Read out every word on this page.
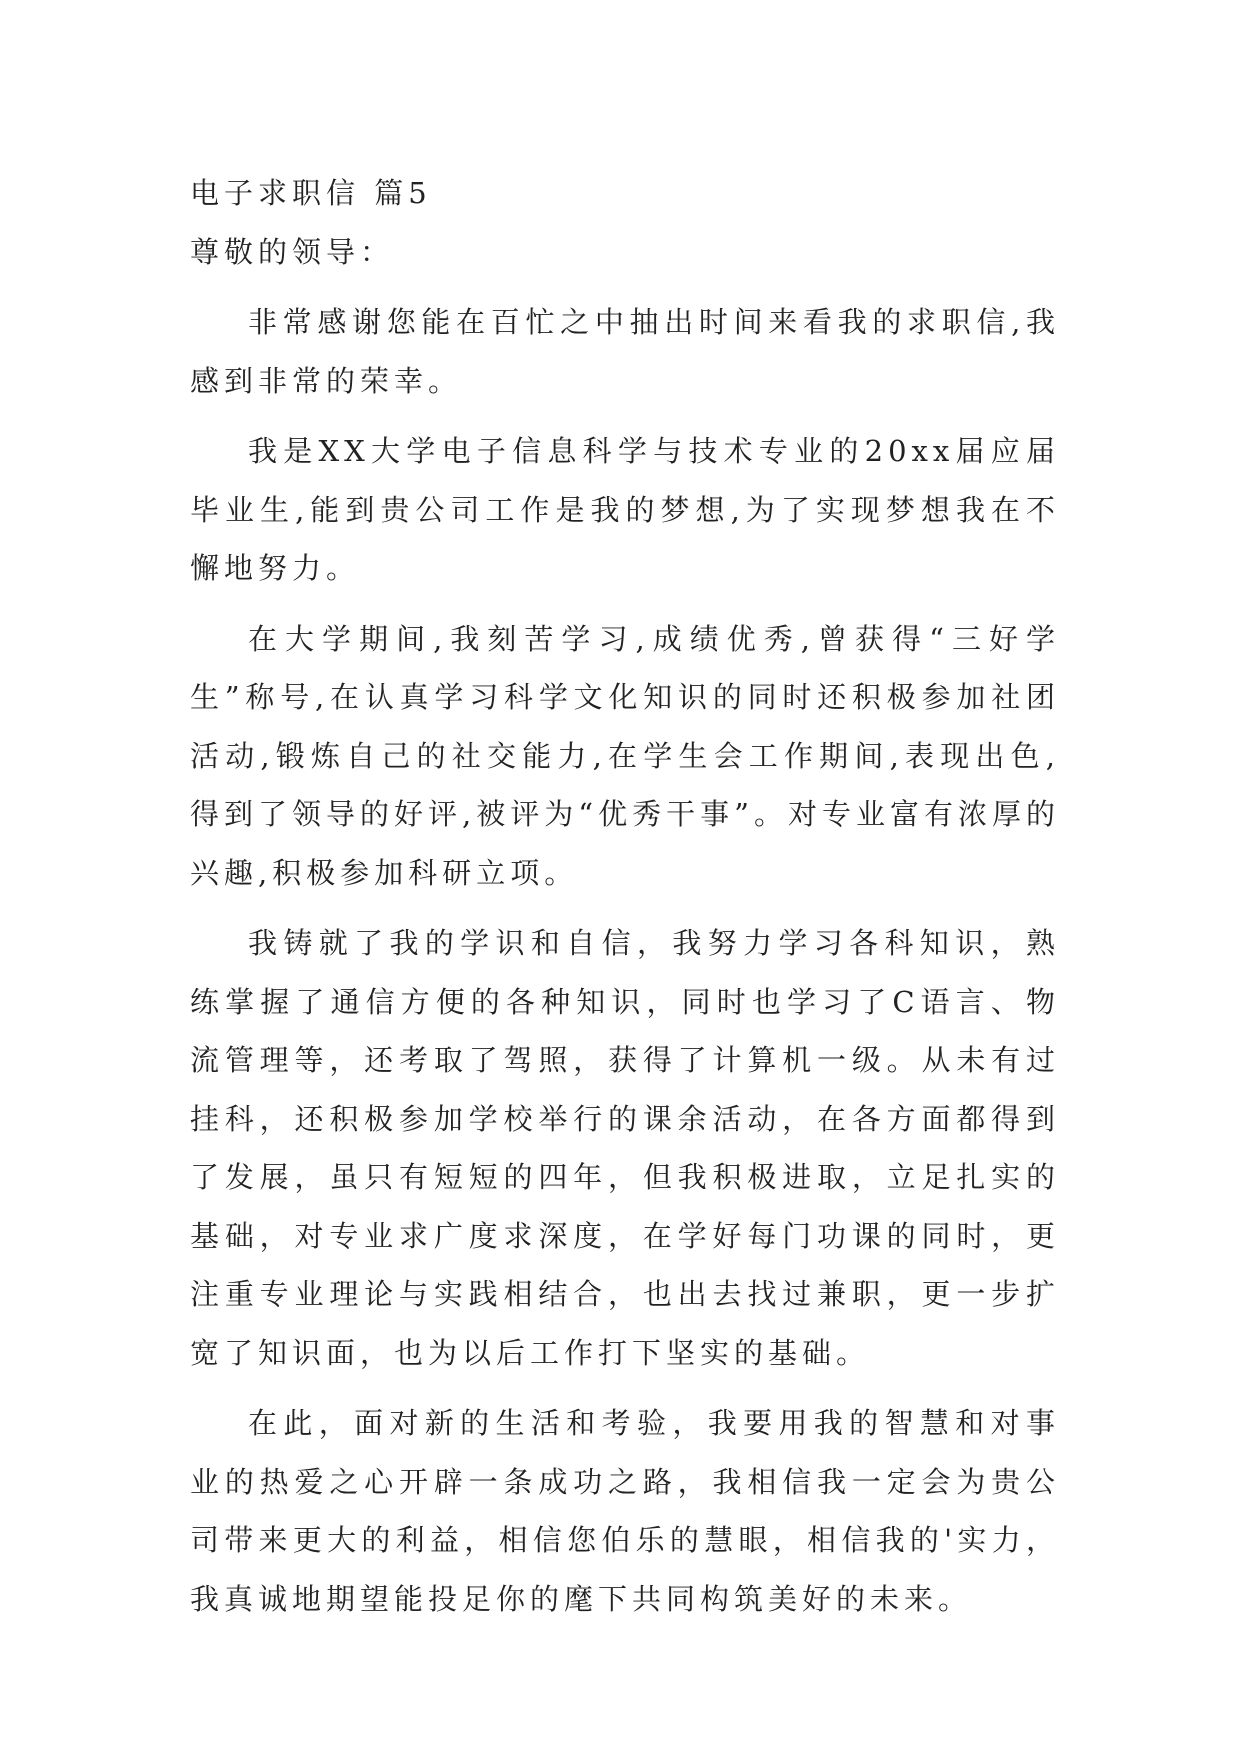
电子求职信 篇5

尊敬的领导：

非常感谢您能在百忙之中抽出时间来看我的求职信,我感到非常的荣幸。

我是XX大学电子信息科学与技术专业的20xx届应届毕业生,能到贵公司工作是我的梦想,为了实现梦想我在不懈地努力。

在大学期间,我刻苦学习,成绩优秀,曾获得“三好学生”称号,在认真学习科学文化知识的同时还积极参加社团活动,锻炼自己的社交能力,在学生会工作期间,表现出色,得到了领导的好评,被评为“优秀干事”。对专业富有浓厚的兴趣,积极参加科研立项。

我铸就了我的学识和自信，我努力学习各科知识，熟练掌握了通信方便的各种知识，同时也学习了C语言、物流管理等，还考取了驾照，获得了计算机一级。从未有过挂科，还积极参加学校举行的课余活动，在各方面都得到了发展，虽只有短短的四年，但我积极进取，立足扎实的基础，对专业求广度求深度，在学好每门功课的同时，更注重专业理论与实践相结合，也出去找过兼职，更一步扩宽了知识面，也为以后工作打下坚实的基础。

在此，面对新的生活和考验，我要用我的智慧和对事业的热爱之心开辟一条成功之路，我相信我一定会为贵公司带来更大的利益，相信您伯乐的慧眼，相信我的'实力，我真诚地期望能投足你的麾下共同构筑美好的未来。
